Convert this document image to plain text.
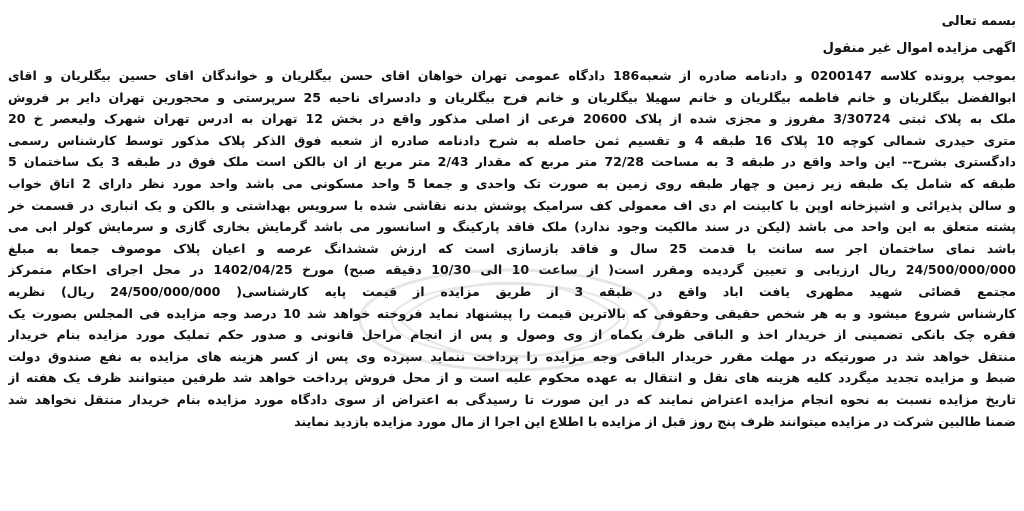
بسمه تعالی
اگهی مزایده اموال غیر منقول
بموجب پرونده کلاسه 0200147 و دادنامه صادره از شعبه186 دادگاه عمومی تهران خواهان اقای حسن بیگلریان و خواندگان اقای حسین بیگلریان و اقای
ابوالفضل بیگلریان و خانم فاطمه بیگلریان و خانم سهیلا بیگلریان و خانم فرح بیگلریان و دادسرای ناحیه 25 سرپرستی و محجورین تهران دایر بر فروش
ملک به پلاک ثبتی 3/30724 مفروز و مجزی شده از پلاک 20600 فرعی از اصلی مذکور واقع در بخش 12 تهران به ادرس تهران شهرک ولیعصر خ 20
متری حیدری شمالی کوچه 10 پلاک 16 طبقه 4 و تقسیم ثمن حاصله به شرح دادنامه صادره از شعبه فوق الذکر پلاک مذکور توسط کارشناس رسمی
دادگستری بشرح-- این واحد واقع در طبقه 3 به مساحت 72/28 متر مربع که مقدار 2/43 متر مربع از ان بالکن است ملک فوق در طبقه 3 یک ساختمان 5
طبقه که شامل یک طبقه زیر زمین و چهار طبقه روی زمین به صورت تک واحدی و جمعا 5 واحد مسکونی می باشد واحد مورد نظر دارای 2 اتاق خواب
و سالن پذیرائی و اشپزخانه اوپن با کابینت ام دی اف معمولی کف سرامیک پوشش بدنه نقاشی شده با سرویس بهداشتی و بالکن و یک انباری در قسمت خر
پشته متعلق به این واحد می باشد (لیکن در سند مالکیت وجود ندارد) ملک فاقد پارکینگ و اسانسور می باشد گرمایش بخاری گازی و سرمایش کولر ابی می
باشد نمای ساختمان اجر سه سانت با قدمت 25 سال و فاقد بازسازی است که ارزش ششدانگ عرصه و اعیان پلاک موصوف جمعا به مبلغ
24/500/000/000 ریال ارزیابی و تعیین گردیده ومقرر است( از ساعت 10 الی 10/30 دقیقه صبح) مورخ 1402/04/25 در محل اجرای احکام متمرکز
مجتمع قضائی شهید مطهری یافت اباد واقع در طبقه 3 از طریق مزایده از قیمت پایه کارشناسی( 24/500/000/000 ریال) نظریه
کارشناس شروع میشود و به هر شخص حقیقی وحقوقی که بالاترین قیمت را پیشنهاد نماید فروخته خواهد شد 10 درصد وجه مزایده فی المجلس بصورت یک
فقره چک بانکی تضمینی از خریدار اخذ و الباقی ظرف یکماه از وی وصول و پس از انجام مراحل قانونی و صدور حکم تملیک مورد مزایده بنام خریدار
منتقل خواهد شد در صورتیکه در مهلت مقرر خریدار الباقی وجه مزایده را پرداخت ننماید سپرده وی پس از کسر هزینه های مزایده به نفع صندوق دولت
ضبط و مزایده تجدید میگردد کلیه هزینه های نقل و انتقال به عهده محکوم علیه است و از محل فروش پرداخت خواهد شد طرفین میتوانند ظرف یک هفته از
تاریخ مزایده نسبت به نحوه انجام مزایده اعتراض نمایند که در این صورت تا رسیدگی به اعتراض از سوی دادگاه مورد مزایده بنام خریدار منتقل نخواهد شد
ضمنا طالبین شرکت در مزایده میتوانند ظرف پنج روز قبل از مزایده با اطلاع این اجرا از مال مورد مزایده بازدید نمایند
